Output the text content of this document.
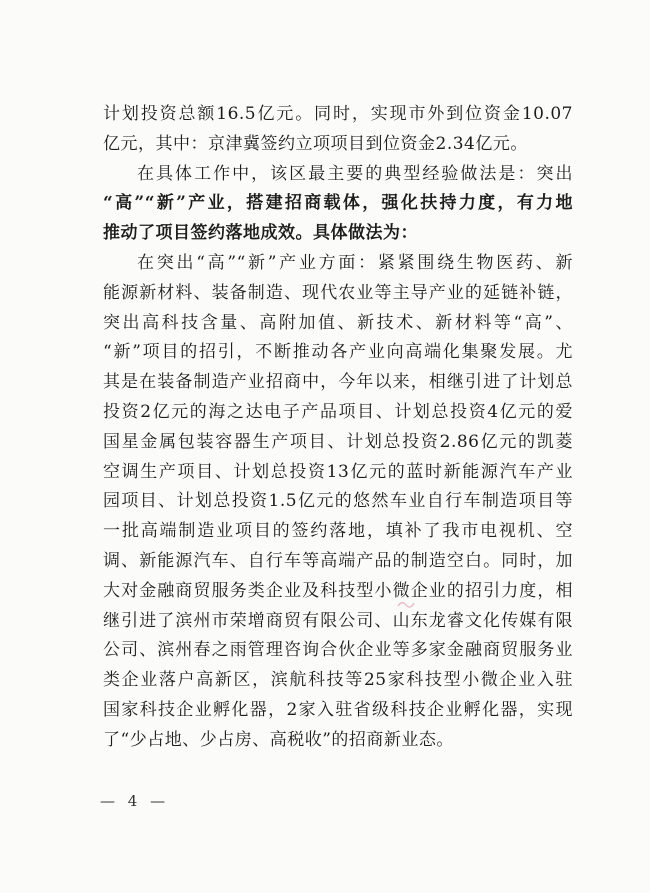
计划投资总额16.5亿元。同时，实现市外到位资金10.07
亿元，其中：京津冀签约立项项目到位资金2.34亿元。
在具体工作中，该区最主要的典型经验做法是：突出
“高”“新”产业，搭建招商载体，强化扶持力度，有力地
推动了项目签约落地成效。具体做法为：
在突出“高”“新”产业方面：紧紧围绕生物医药、新
能源新材料、装备制造、现代农业等主导产业的延链补链，
突出高科技含量、高附加值、新技术、新材料等“高”、
“新”项目的招引，不断推动各产业向高端化集聚发展。尤
其是在装备制造产业招商中，今年以来，相继引进了计划总
投资2亿元的海之达电子产品项目、计划总投资4亿元的爱
国星金属包装容器生产项目、计划总投资2.86亿元的凯菱
空调生产项目、计划总投资13亿元的蓝时新能源汽车产业
园项目、计划总投资1.5亿元的悠然车业自行车制造项目等
一批高端制造业项目的签约落地，填补了我市电视机、空
调、新能源汽车、自行车等高端产品的制造空白。同时，加
大对金融商贸服务类企业及科技型小微企业的招引力度，相
继引进了滨州市荣增商贸有限公司、山东龙睿文化传媒有限
公司、滨州春之雨管理咨询合伙企业等多家金融商贸服务业
类企业落户高新区，滨航科技等25家科技型小微企业入驻
国家科技企业孵化器，2家入驻省级科技企业孵化器，实现
了“少占地、少占房、高税收”的招商新业态。
— 4 —
